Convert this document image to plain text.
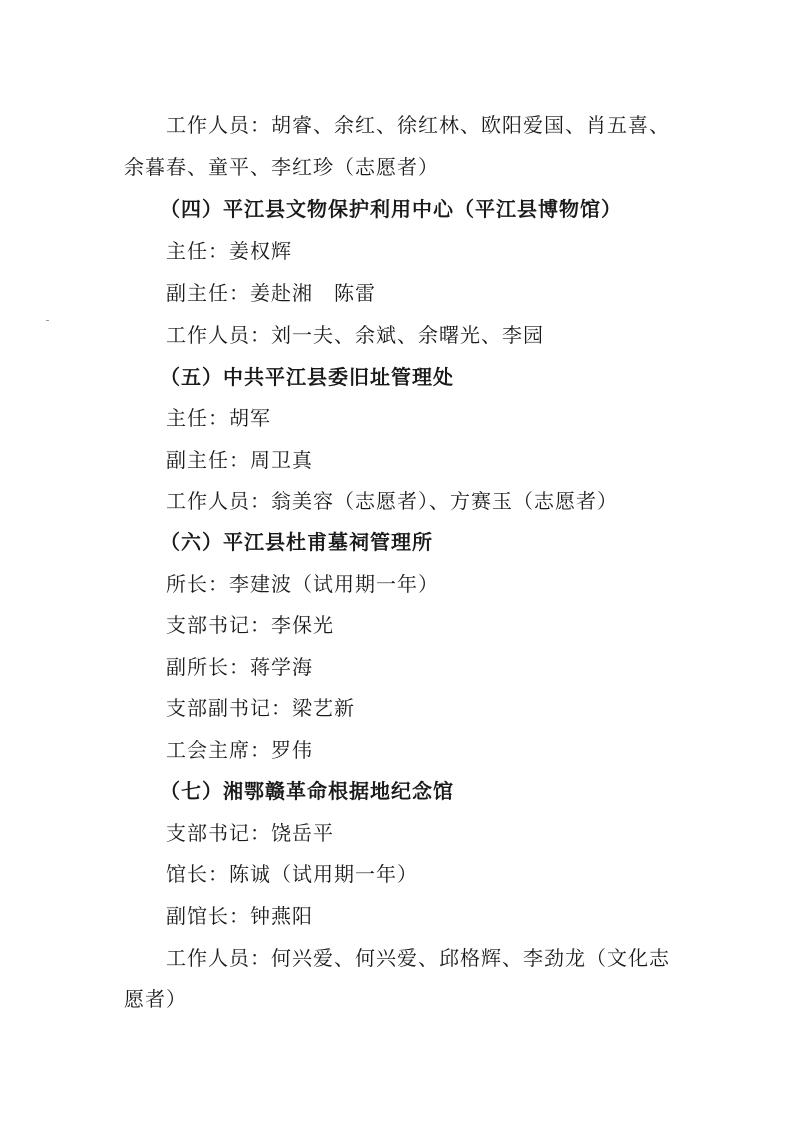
工作人员：胡睿、余红、徐红林、欧阳爱国、肖五喜、
余暮春、童平、李红珍（志愿者）
（四）平江县文物保护利用中心（平江县博物馆）
主任：姜权辉
副主任：姜赴湘　陈雷
工作人员：刘一夫、余斌、余曙光、李园
（五）中共平江县委旧址管理处
主任：胡军
副主任：周卫真
工作人员：翁美容（志愿者）、方赛玉（志愿者）
（六）平江县杜甫墓祠管理所
所长：李建波（试用期一年）
支部书记：李保光
副所长：蒋学海
支部副书记：梁艺新
工会主席：罗伟
（七）湘鄂赣革命根据地纪念馆
支部书记：饶岳平
馆长：陈诚（试用期一年）
副馆长：钟燕阳
工作人员：何兴爱、何兴爱、邱格辉、李劲龙（文化志
愿者）
